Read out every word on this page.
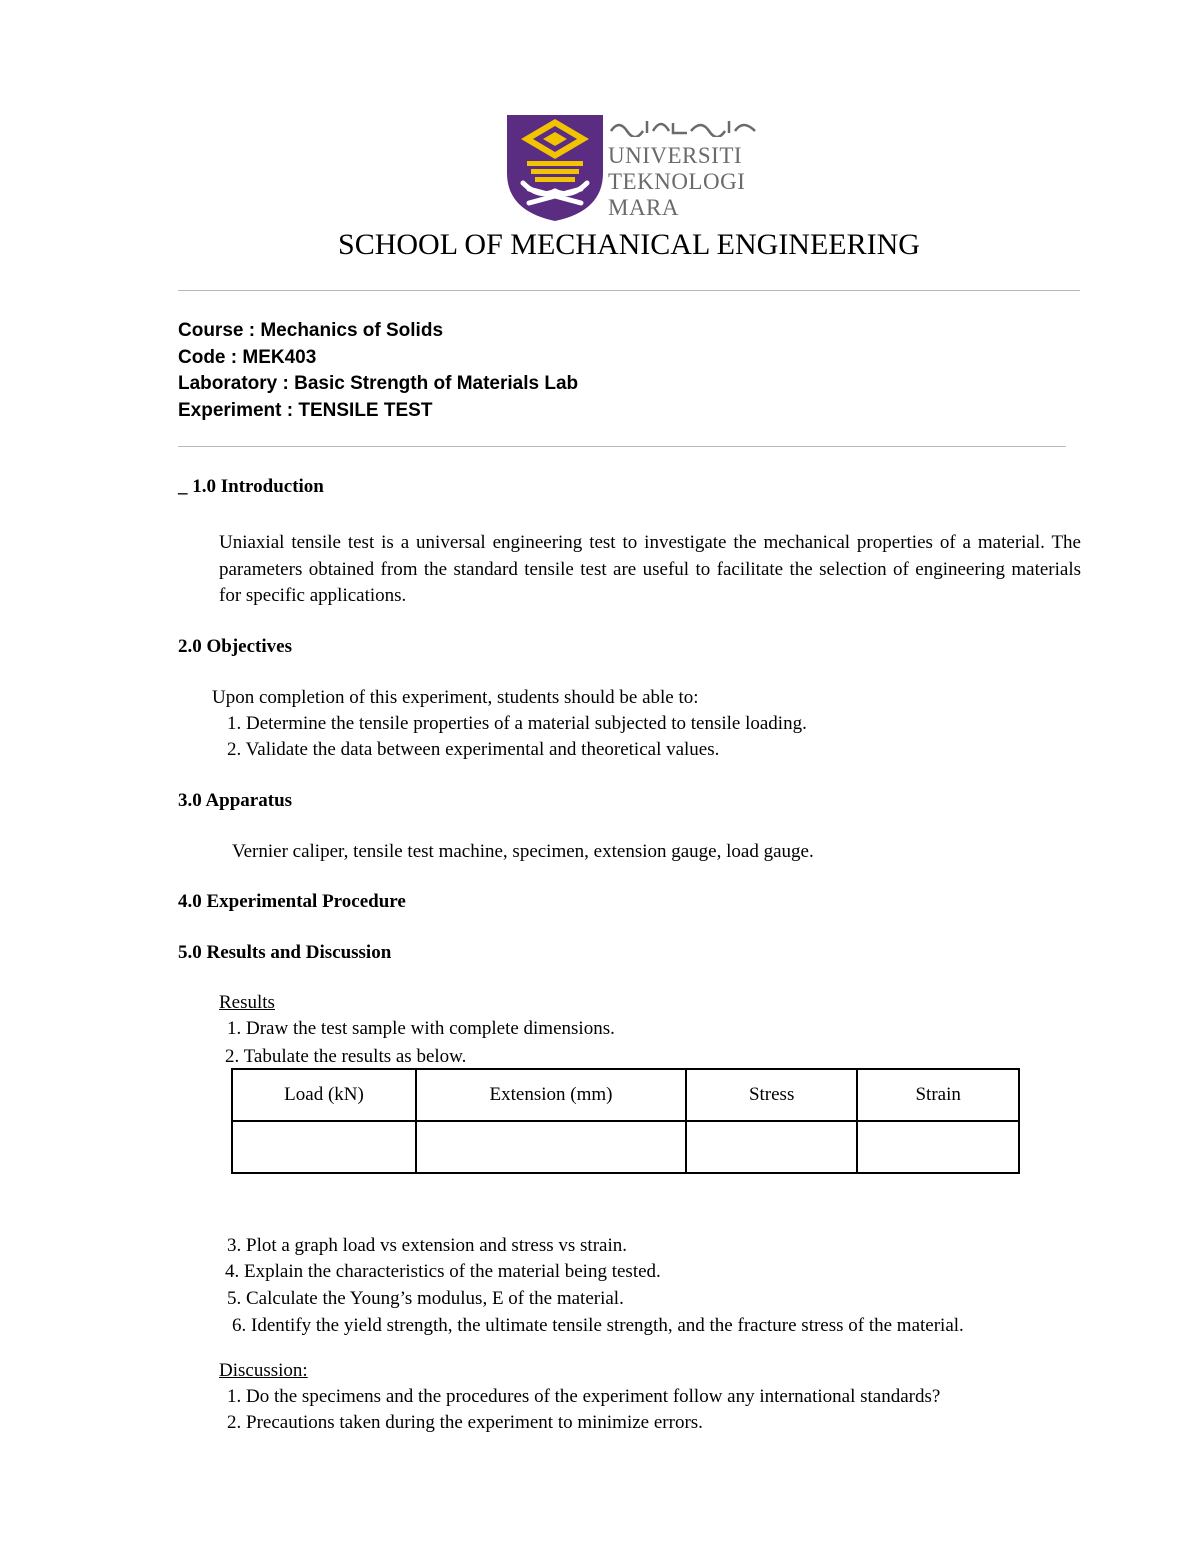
UNIVERSITI
TEKNOLOGI
MARA
SCHOOL OF MECHANICAL ENGINEERING
Course : Mechanics of Solids
Code : MEK403
Laboratory : Basic Strength of Materials Lab
Experiment : TENSILE TEST
_ 1.0 Introduction
Uniaxial tensile test is a universal engineering test to investigate the mechanical properties of a material. The parameters obtained from the standard tensile test are useful to facilitate the selection of engineering materials for specific applications.
2.0 Objectives
Upon completion of this experiment, students should be able to:
1. Determine the tensile properties of a material subjected to tensile loading.
2. Validate the data between experimental and theoretical values.
3.0 Apparatus
Vernier caliper, tensile test machine, specimen, extension gauge, load gauge.
4.0 Experimental Procedure
5.0 Results and Discussion
Results
1. Draw the test sample with complete dimensions.
2. Tabulate the results as below.
Load (kN)	Extension (mm)	Stress	Strain

3. Plot a graph load vs extension and stress vs strain.
4. Explain the characteristics of the material being tested.
5. Calculate the Young’s modulus, E of the material.
6. Identify the yield strength, the ultimate tensile strength, and the fracture stress of the material.
Discussion:
1. Do the specimens and the procedures of the experiment follow any international standards?
2. Precautions taken during the experiment to minimize errors.
